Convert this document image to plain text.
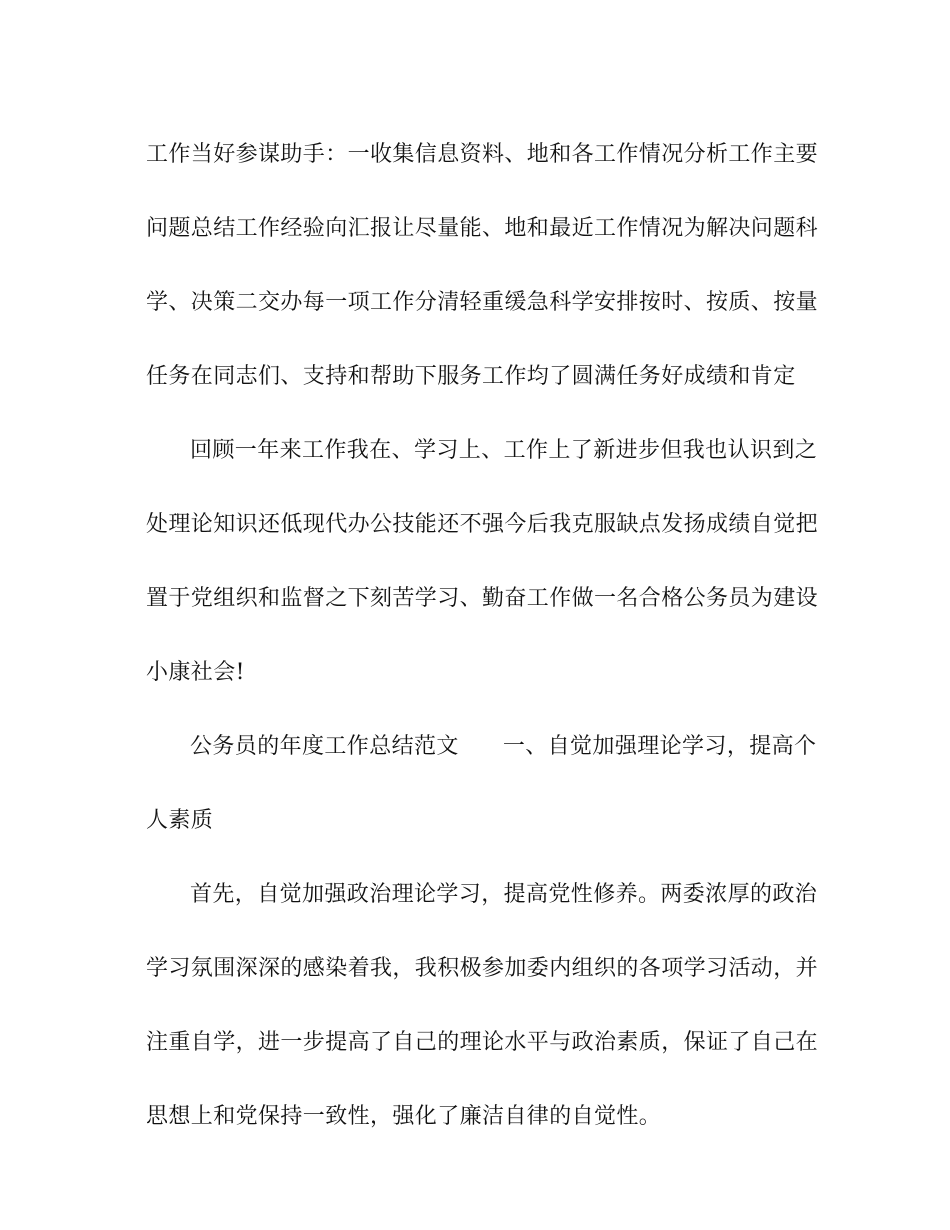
工作当好参谋助手：一收集信息资料、地和各工作情况分析工作主要
问题总结工作经验向汇报让尽量能、地和最近工作情况为解决问题科
学、决策二交办每一项工作分清轻重缓急科学安排按时、按质、按量
任务在同志们、支持和帮助下服务工作均了圆满任务好成绩和肯定
回顾一年来工作我在、学习上、工作上了新进步但我也认识到之
处理论知识还低现代办公技能还不强今后我克服缺点发扬成绩自觉把
置于党组织和监督之下刻苦学习、勤奋工作做一名合格公务员为建设
小康社会!
公务员的年度工作总结范文 一、自觉加强理论学习，提高个
人素质
首先，自觉加强政治理论学习，提高党性修养。两委浓厚的政治
学习氛围深深的感染着我，我积极参加委内组织的各项学习活动，并
注重自学，进一步提高了自己的理论水平与政治素质，保证了自己在
思想上和党保持一致性，强化了廉洁自律的自觉性。
